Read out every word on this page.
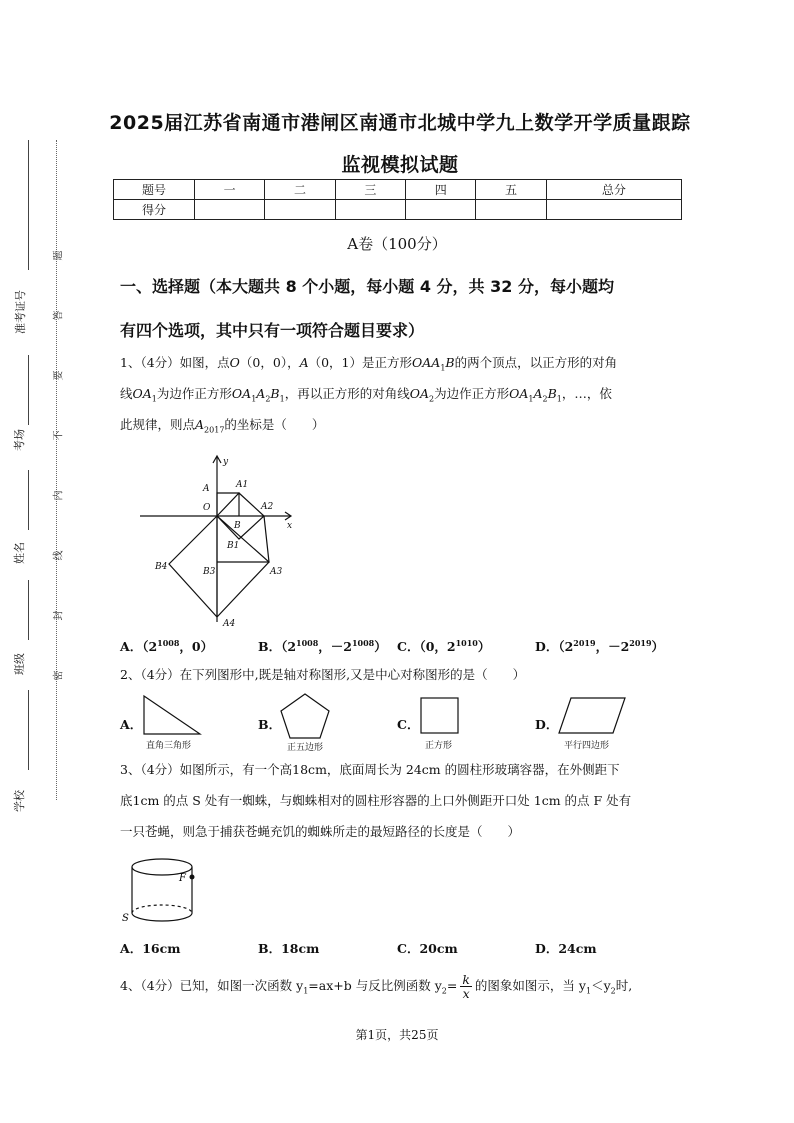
准考证号
考场
姓名
班级
学校
题
答
要
不
内
线
封
密
2025届江苏省南通市港闸区南通市北城中学九上数学开学质量跟踪
监视模拟试题
题号	一	二	三	四	五	总分
得分						
A卷（100分）
一、选择题（本大题共 8 个小题，每小题 4 分，共 32 分，每小题均
有四个选项，其中只有一项符合题目要求）
1、（4分）如图，点O（0，0），A（0，1）是正方形$OAA_1B$的两个顶点，以正方形的对角
线$OA_1$为边作正方形$OA_1A_2B_1$，再以正方形的对角线$OA_2$为边作正方形$OA_1A_2B_1$，…，依
此规律，则点$A_{2017}$的坐标是（　　）
y
x
O
A	A1
A2
A3
A4
B
B1
B3
B4
A．（$2^{1008}$，0）	B．（$2^{1008}$，$-2^{1008}$） C．（0，$2^{1010}$）	D．（$2^{2019}$，$-2^{2019}$）
2、（4分）在下列图形中,既是轴对称图形,又是中心对称图形的是（　　）
A．
直角三角形
B．
正五边形
C．
正方形
D．
平行四边形
3、（4分）如图所示，有一个高18cm，底面周长为 24cm 的圆柱形玻璃容器，在外侧距下
底1cm 的点 S 处有一蜘蛛，与蜘蛛相对的圆柱形容器的上口外侧距开口处 1cm 的点 F 处有
一只苍蝇，则急于捕获苍蝇充饥的蜘蛛所走的最短路径的长度是（　　）
F
S
A．16cm	B．18cm	C．20cm	D．24cm
4、（4分）已知，如图一次函数 $y_1=ax+b$ 与反比例函数 $y_2= \frac{k}{x}$ 的图象如图示，当 $y_1<y_2$时,
第1页，共25页
